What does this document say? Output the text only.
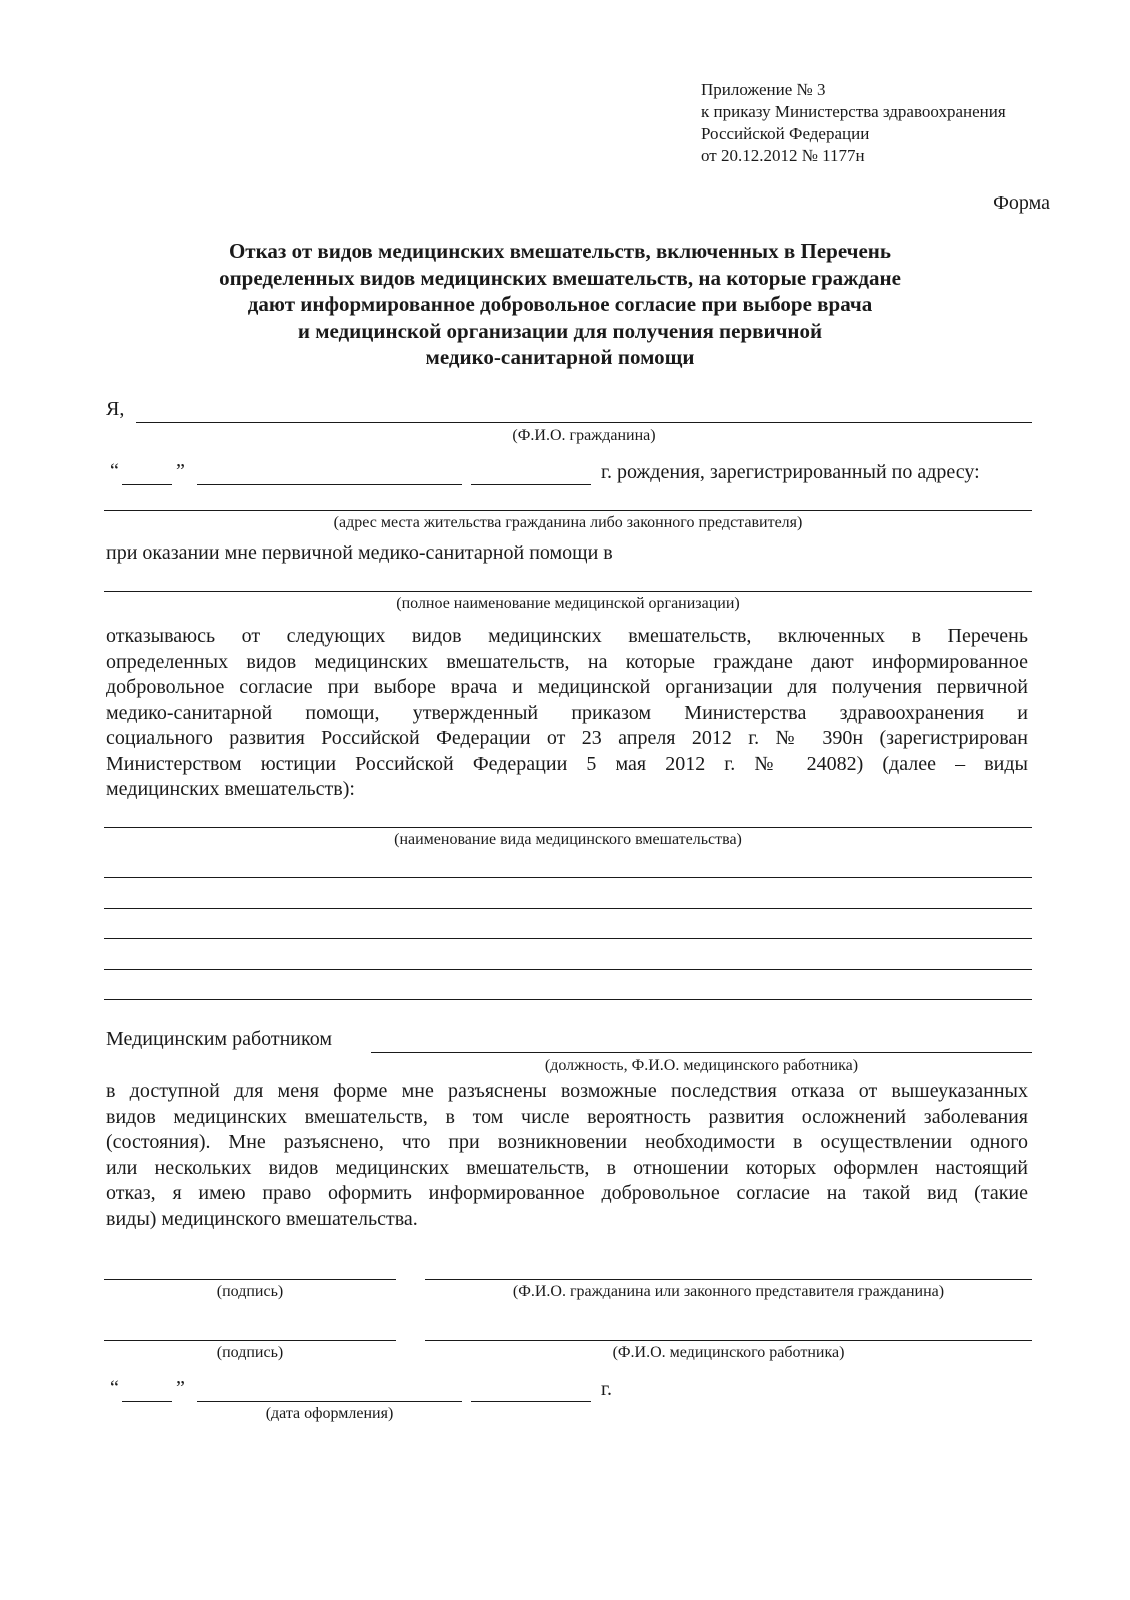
Приложение № 3
к приказу Министерства здравоохранения
Российской Федерации
от 20.12.2012 № 1177н
Форма
Отказ от видов медицинских вмешательств, включенных в Перечень
определенных видов медицинских вмешательств, на которые граждане
дают информированное добровольное согласие при выборе врача
и медицинской организации для получения первичной
медико-санитарной помощи
Я,
(Ф.И.О. гражданина)
“	”	г. рождения, зарегистрированный по адресу:
(адрес места жительства гражданина либо законного представителя)
при оказании мне первичной медико-санитарной помощи в
(полное наименование медицинской организации)
отказываюсь от следующих видов медицинских вмешательств, включенных в Перечень
определенных видов медицинских вмешательств, на которые граждане дают информированное
добровольное согласие при выборе врача и медицинской организации для получения первичной
медико-санитарной помощи, утвержденный приказом Министерства здравоохранения и
социального развития Российской Федерации от 23 апреля 2012 г. № 390н (зарегистрирован
Министерством юстиции Российской Федерации 5 мая 2012 г. № 24082) (далее – виды
медицинских вмешательств):
(наименование вида медицинского вмешательства)
Медицинским работником
(должность, Ф.И.О. медицинского работника)
в доступной для меня форме мне разъяснены возможные последствия отказа от вышеуказанных
видов медицинских вмешательств, в том числе вероятность развития осложнений заболевания
(состояния). Мне разъяснено, что при возникновении необходимости в осуществлении одного
или нескольких видов медицинских вмешательств, в отношении которых оформлен настоящий
отказ, я имею право оформить информированное добровольное согласие на такой вид (такие
виды) медицинского вмешательства.
(подпись)	(Ф.И.О. гражданина или законного представителя гражданина)
(подпись)	(Ф.И.О. медицинского работника)
“	”	г.
(дата оформления)
